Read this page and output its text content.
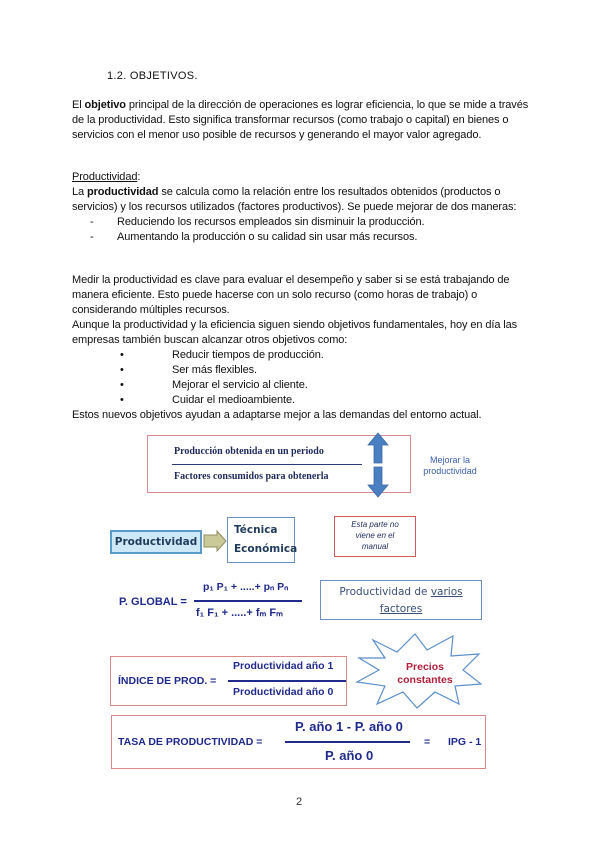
1.2. OBJETIVOS.

El objetivo principal de la dirección de operaciones es lograr eficiencia, lo que se mide a través de la productividad. Esto significa transformar recursos (como trabajo o capital) en bienes o servicios con el menor uso posible de recursos y generando el mayor valor agregado.

Productividad:

La productividad se calcula como la relación entre los resultados obtenidos (productos o servicios) y los recursos utilizados (factores productivos). Se puede mejorar de dos maneras:

- Reduciendo los recursos empleados sin disminuir la producción.
- Aumentando la producción o su calidad sin usar más recursos.

Medir la productividad es clave para evaluar el desempeño y saber si se está trabajando de manera eficiente. Esto puede hacerse con un solo recurso (como horas de trabajo) o considerando múltiples recursos.

Aunque la productividad y la eficiencia siguen siendo objetivos fundamentales, hoy en día las empresas también buscan alcanzar otros objetivos como:

•	Reducir tiempos de producción.
•	Ser más flexibles.
•	Mejorar el servicio al cliente.
•	Cuidar el medioambiente.

Estos nuevos objetivos ayudan a adaptarse mejor a las demandas del entorno actual.

Producción obtenida en un periodo
Factores consumidos para obtenerla
Mejorar la
productividad
Productividad
Técnica
Económica
Esta parte no
viene en el
manual
P. GLOBAL =
p₁ P₁ + .....+ pₙ Pₙ
f₁ F₁ + .....+ fₘ Fₘ
Productividad de varios
factores
ÍNDICE DE PROD. =
Productividad año 1
Productividad año 0
Precios
constantes
TASA DE PRODUCTIVIDAD =
P. año 1 - P. año 0
P. año 0
= IPG - 1
2
